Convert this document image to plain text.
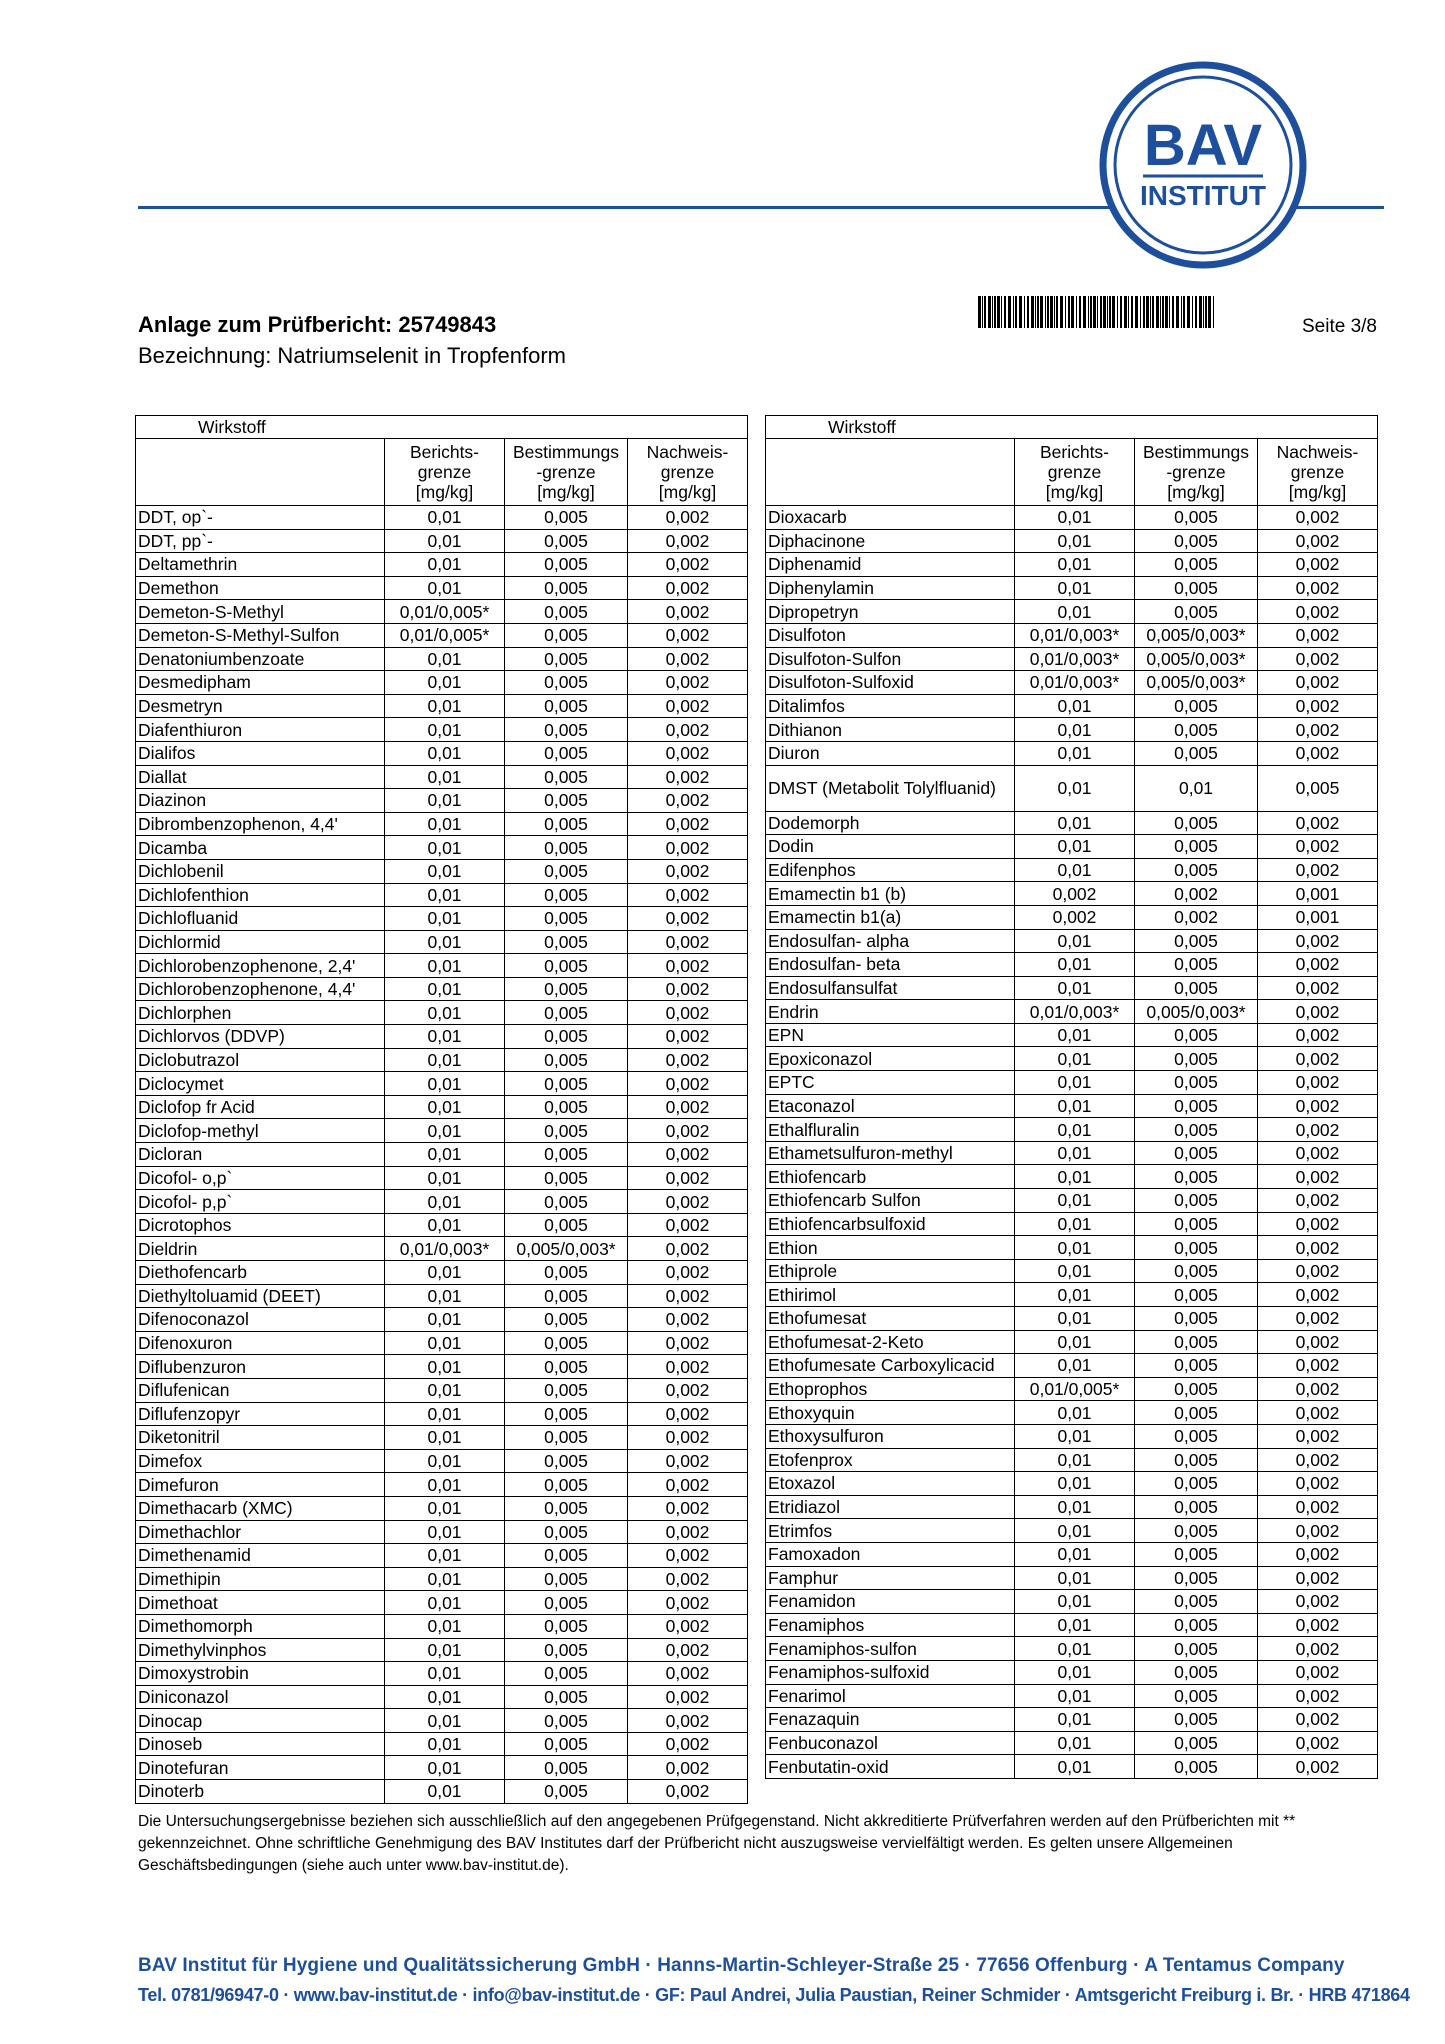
BAV
INSTITUT
Anlage zum Prüfbericht: 25749843
Bezeichnung: Natriumselenit in Tropfenform
Seite 3/8
Wirkstoff			

	Berichts-
grenze
[mg/kg]	Bestimmungs
-grenze
[mg/kg]	Nachweis-
grenze
[mg/kg]

DDT, op`-	0,01	0,005	0,002
DDT, pp`-	0,01	0,005	0,002
Deltamethrin	0,01	0,005	0,002
Demethon	0,01	0,005	0,002
Demeton-S-Methyl	0,01/0,005*	0,005	0,002
Demeton-S-Methyl-Sulfon	0,01/0,005*	0,005	0,002
Denatoniumbenzoate	0,01	0,005	0,002
Desmedipham	0,01	0,005	0,002
Desmetryn	0,01	0,005	0,002
Diafenthiuron	0,01	0,005	0,002
Dialifos	0,01	0,005	0,002
Diallat	0,01	0,005	0,002
Diazinon	0,01	0,005	0,002
Dibrombenzophenon, 4,4'	0,01	0,005	0,002
Dicamba	0,01	0,005	0,002
Dichlobenil	0,01	0,005	0,002
Dichlofenthion	0,01	0,005	0,002
Dichlofluanid	0,01	0,005	0,002
Dichlormid	0,01	0,005	0,002
Dichlorobenzophenone, 2,4'	0,01	0,005	0,002
Dichlorobenzophenone, 4,4'	0,01	0,005	0,002
Dichlorphen	0,01	0,005	0,002
Dichlorvos (DDVP)	0,01	0,005	0,002
Diclobutrazol	0,01	0,005	0,002
Diclocymet	0,01	0,005	0,002
Diclofop fr Acid	0,01	0,005	0,002
Diclofop-methyl	0,01	0,005	0,002
Dicloran	0,01	0,005	0,002
Dicofol- o,p`	0,01	0,005	0,002
Dicofol- p,p`	0,01	0,005	0,002
Dicrotophos	0,01	0,005	0,002
Dieldrin	0,01/0,003*	0,005/0,003*	0,002
Diethofencarb	0,01	0,005	0,002
Diethyltoluamid (DEET)	0,01	0,005	0,002
Difenoconazol	0,01	0,005	0,002
Difenoxuron	0,01	0,005	0,002
Diflubenzuron	0,01	0,005	0,002
Diflufenican	0,01	0,005	0,002
Diflufenzopyr	0,01	0,005	0,002
Diketonitril	0,01	0,005	0,002
Dimefox	0,01	0,005	0,002
Dimefuron	0,01	0,005	0,002
Dimethacarb (XMC)	0,01	0,005	0,002
Dimethachlor	0,01	0,005	0,002
Dimethenamid	0,01	0,005	0,002
Dimethipin	0,01	0,005	0,002
Dimethoat	0,01	0,005	0,002
Dimethomorph	0,01	0,005	0,002
Dimethylvinphos	0,01	0,005	0,002
Dimoxystrobin	0,01	0,005	0,002
Diniconazol	0,01	0,005	0,002
Dinocap	0,01	0,005	0,002
Dinoseb	0,01	0,005	0,002
Dinotefuran	0,01	0,005	0,002
Dinoterb	0,01	0,005	0,002
Wirkstoff			

	Berichts-
grenze
[mg/kg]	Bestimmungs
-grenze
[mg/kg]	Nachweis-
grenze
[mg/kg]

Dioxacarb	0,01	0,005	0,002
Diphacinone	0,01	0,005	0,002
Diphenamid	0,01	0,005	0,002
Diphenylamin	0,01	0,005	0,002
Dipropetryn	0,01	0,005	0,002
Disulfoton	0,01/0,003*	0,005/0,003*	0,002
Disulfoton-Sulfon	0,01/0,003*	0,005/0,003*	0,002
Disulfoton-Sulfoxid	0,01/0,003*	0,005/0,003*	0,002
Ditalimfos	0,01	0,005	0,002
Dithianon	0,01	0,005	0,002
Diuron	0,01	0,005	0,002
DMST (Metabolit Tolylfluanid)	0,01	0,01	0,005
Dodemorph	0,01	0,005	0,002
Dodin	0,01	0,005	0,002
Edifenphos	0,01	0,005	0,002
Emamectin b1 (b)	0,002	0,002	0,001
Emamectin b1(a)	0,002	0,002	0,001
Endosulfan- alpha	0,01	0,005	0,002
Endosulfan- beta	0,01	0,005	0,002
Endosulfansulfat	0,01	0,005	0,002
Endrin	0,01/0,003*	0,005/0,003*	0,002
EPN	0,01	0,005	0,002
Epoxiconazol	0,01	0,005	0,002
EPTC	0,01	0,005	0,002
Etaconazol	0,01	0,005	0,002
Ethalfluralin	0,01	0,005	0,002
Ethametsulfuron-methyl	0,01	0,005	0,002
Ethiofencarb	0,01	0,005	0,002
Ethiofencarb Sulfon	0,01	0,005	0,002
Ethiofencarbsulfoxid	0,01	0,005	0,002
Ethion	0,01	0,005	0,002
Ethiprole	0,01	0,005	0,002
Ethirimol	0,01	0,005	0,002
Ethofumesat	0,01	0,005	0,002
Ethofumesat-2-Keto	0,01	0,005	0,002
Ethofumesate Carboxylicacid	0,01	0,005	0,002
Ethoprophos	0,01/0,005*	0,005	0,002
Ethoxyquin	0,01	0,005	0,002
Ethoxysulfuron	0,01	0,005	0,002
Etofenprox	0,01	0,005	0,002
Etoxazol	0,01	0,005	0,002
Etridiazol	0,01	0,005	0,002
Etrimfos	0,01	0,005	0,002
Famoxadon	0,01	0,005	0,002
Famphur	0,01	0,005	0,002
Fenamidon	0,01	0,005	0,002
Fenamiphos	0,01	0,005	0,002
Fenamiphos-sulfon	0,01	0,005	0,002
Fenamiphos-sulfoxid	0,01	0,005	0,002
Fenarimol	0,01	0,005	0,002
Fenazaquin	0,01	0,005	0,002
Fenbuconazol	0,01	0,005	0,002
Fenbutatin-oxid	0,01	0,005	0,002
Die Untersuchungsergebnisse beziehen sich ausschließlich auf den angegebenen Prüfgegenstand. Nicht akkreditierte Prüfverfahren werden auf den Prüfberichten mit ** gekennzeichnet. Ohne schriftliche Genehmigung des BAV Institutes darf der Prüfbericht nicht auszugsweise vervielfältigt werden. Es gelten unsere Allgemeinen Geschäftsbedingungen (siehe auch unter www.bav-institut.de).
BAV Institut für Hygiene und Qualitätssicherung GmbH · Hanns-Martin-Schleyer-Straße 25 · 77656 Offenburg · A Tentamus Company
Tel. 0781/96947-0 · www.bav-institut.de · info@bav-institut.de · GF: Paul Andrei, Julia Paustian, Reiner Schmider · Amtsgericht Freiburg i. Br. · HRB 471864
